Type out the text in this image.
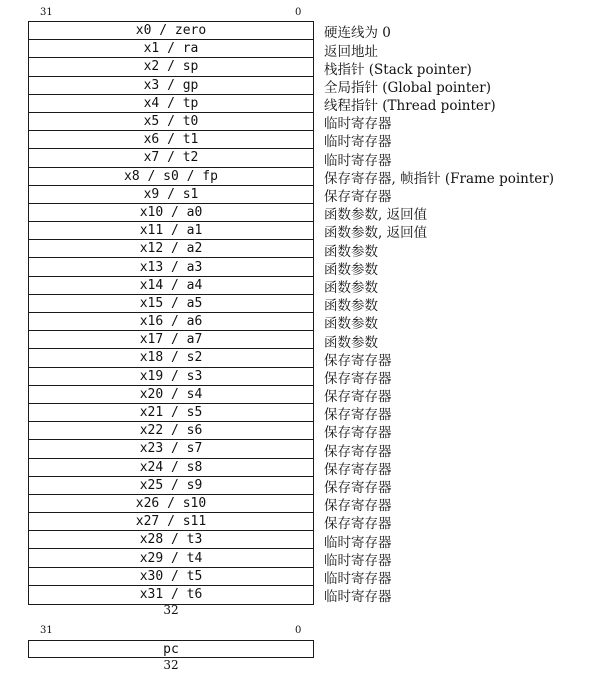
31	0
x0 / zero
x1 / ra
x2 / sp
x3 / gp
x4 / tp
x5 / t0
x6 / t1
x7 / t2
x8 / s0 / fp
x9 / s1
x10 / a0
x11 / a1
x12 / a2
x13 / a3
x14 / a4
x15 / a5
x16 / a6
x17 / a7
x18 / s2
x19 / s3
x20 / s4
x21 / s5
x22 / s6
x23 / s7
x24 / s8
x25 / s9
x26 / s10
x27 / s11
x28 / t3
x29 / t4
x30 / t5
x31 / t6
硬连线为 0
返回地址
栈指针 (Stack pointer)
全局指针 (Global pointer)
线程指针 (Thread pointer)
临时寄存器
临时寄存器
临时寄存器
保存寄存器, 帧指针 (Frame pointer)
保存寄存器
函数参数, 返回值
函数参数, 返回值
函数参数
函数参数
函数参数
函数参数
函数参数
函数参数
保存寄存器
保存寄存器
保存寄存器
保存寄存器
保存寄存器
保存寄存器
保存寄存器
保存寄存器
保存寄存器
保存寄存器
临时寄存器
临时寄存器
临时寄存器
临时寄存器
32
31	0
pc
32
